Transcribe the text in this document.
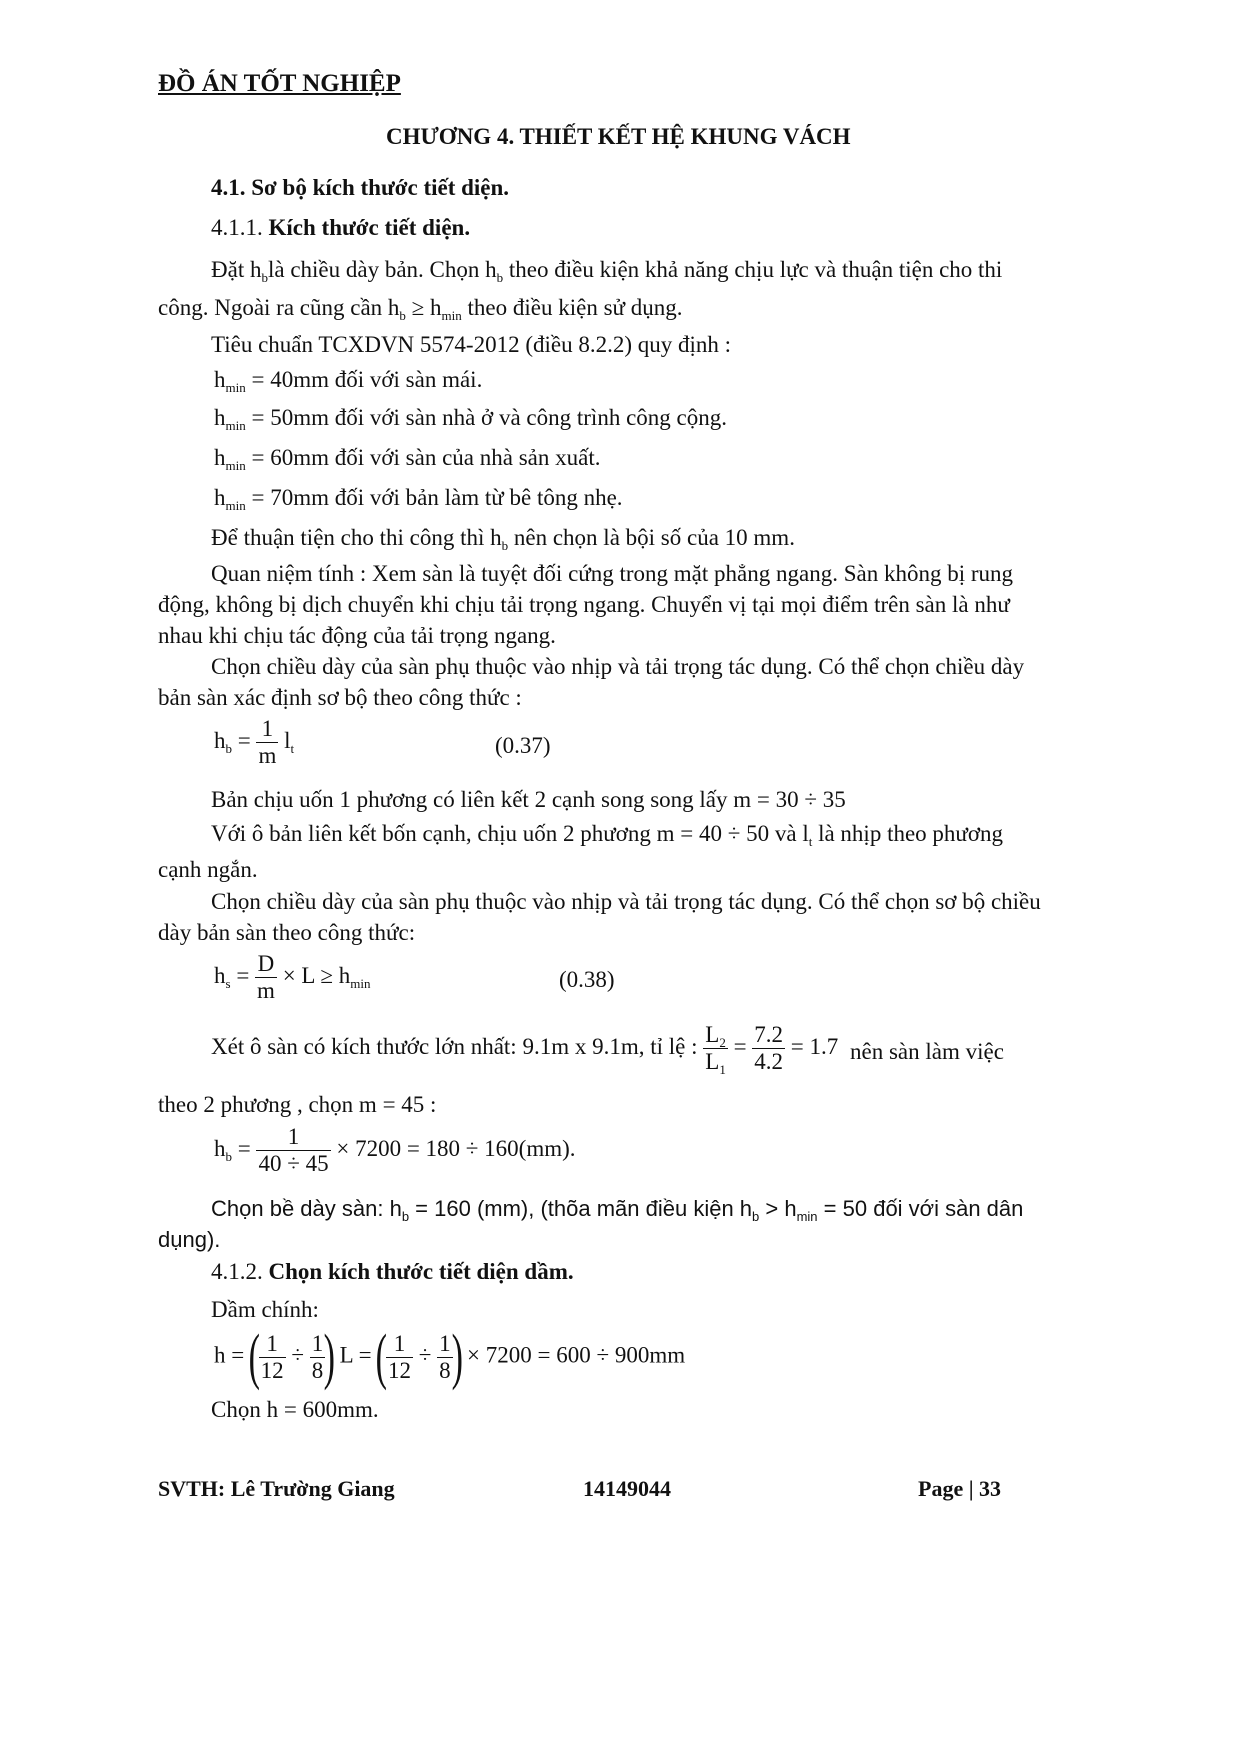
ĐỒ ÁN TỐT NGHIỆP
CHƯƠNG 4. THIẾT KẾT HỆ KHUNG VÁCH
4.1. Sơ bộ kích thước tiết diện.
4.1.1. Kích thước tiết diện.
Đặt $h_blà$ chiều dày bản. Chọn $h_b$ theo điều kiện khả năng chịu lực và thuận tiện cho thi
công. Ngoài ra cũng cần $h_b \ge h_{min}$ theo điều kiện sử dụng.
Tiêu chuẩn TCXDVN 5574-2012 (điều 8.2.2) quy định :
$h_{min} = 40mm$ đối với sàn mái.
$h_{min} = 50mm$ đối với sàn nhà ở và công trình công cộng.
$h_{min} = 60mm$ đối với sàn của nhà sản xuất.
$h_{min} = 70mm$ đối với bản làm từ bê tông nhẹ.
Để thuận tiện cho thi công thì $h_b$ nên chọn là bội số của 10 mm.
Quan niệm tính : Xem sàn là tuyệt đối cứng trong mặt phẳng ngang. Sàn không bị rung
động, không bị dịch chuyển khi chịu tải trọng ngang. Chuyển vị tại mọi điểm trên sàn là như
nhau khi chịu tác động của tải trọng ngang.
Chọn chiều dày của sàn phụ thuộc vào nhịp và tải trọng tác dụng. Có thể chọn chiều dày
bản sàn xác định sơ bộ theo công thức :
$h_b = \frac{1}{m} l_t$	(0.37)
Bản chịu uốn 1 phương có liên kết 2 cạnh song song lấy m = 30 ÷ 35
Với ô bản liên kết bốn cạnh, chịu uốn 2 phương m = 40 ÷ 50 và $l_t$ là nhịp theo phương
cạnh ngắn.
Chọn chiều dày của sàn phụ thuộc vào nhịp và tải trọng tác dụng. Có thể chọn sơ bộ chiều
dày bản sàn theo công thức:
$h_s = \frac{D}{m} \times L \ge h_{min}$	(0.38)
Xét ô sàn có kích thước lớn nhất: 9.1m x 9.1m, tỉ lệ : $\frac{L_2}{L_1} = \frac{7.2}{4.2} = 1.7$ nên sàn làm việc
theo 2 phương , chọn m = 45 :
$h_b = \frac{1}{40 \div 45} \times 7200 = 180 \div 160(mm)$.
Chọn bề dày sàn: $h_b = 160$ (mm), (thõa mãn điều kiện $h_b > h_{min} = 50$ đối với sàn dân
dụng).
4.1.2. Chọn kích thước tiết diện dầm.
Dầm chính:
h = (
$\frac{1}{12} \div \frac{1}{8}$
) L = (
$\frac{1}{12} \div \frac{1}{8}$
) × 7200 = 600 ÷ 900mm
Chọn h = 600mm.
SVTH: Lê Trường Giang	14149044	Page | 33
